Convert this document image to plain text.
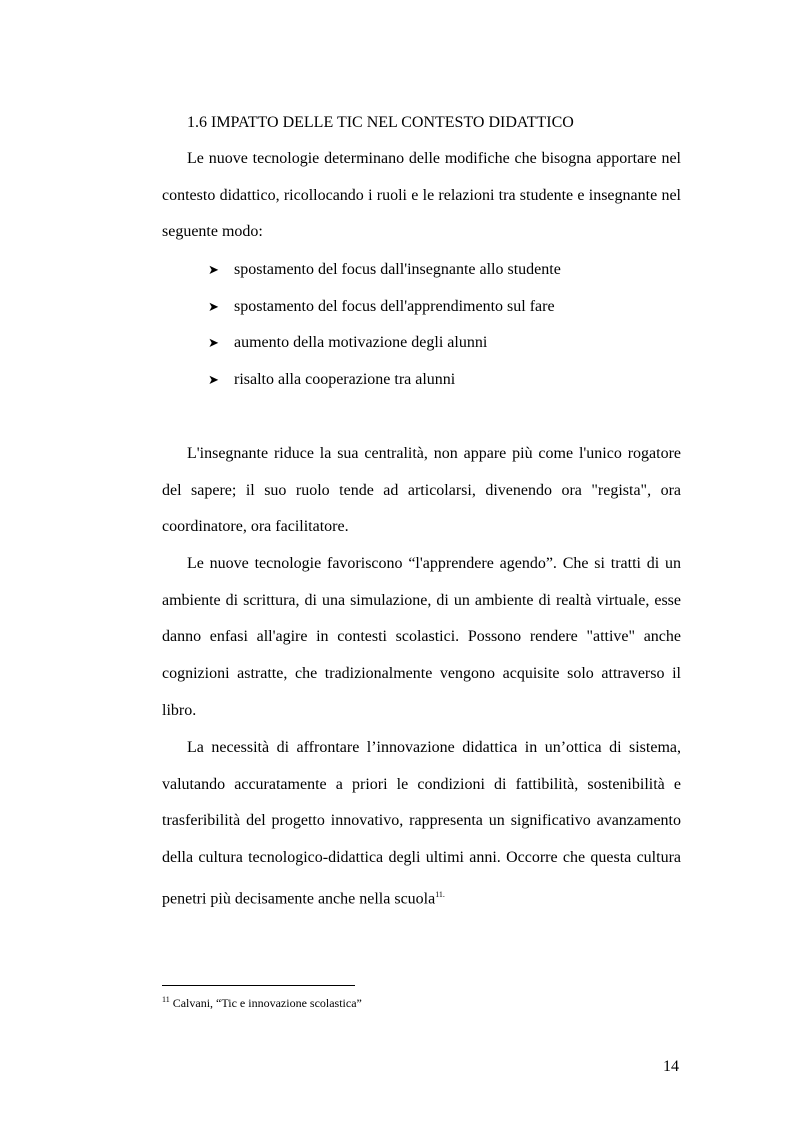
1.6 IMPATTO DELLE TIC NEL CONTESTO DIDATTICO

Le nuove tecnologie determinano delle modifiche che bisogna apportare nel contesto didattico, ricollocando i ruoli e le relazioni tra studente e insegnante nel seguente modo:

➤ spostamento del focus dall'insegnante allo studente
➤ spostamento del focus dell'apprendimento sul fare
➤ aumento della motivazione degli alunni
➤ risalto alla cooperazione tra alunni

L'insegnante riduce la sua centralità, non appare più come l'unico rogatore del sapere; il suo ruolo tende ad articolarsi, divenendo ora "regista", ora coordinatore, ora facilitatore.

Le nuove tecnologie favoriscono “l'apprendere agendo”. Che si tratti di un ambiente di scrittura, di una simulazione, di un ambiente di realtà virtuale, esse danno enfasi all'agire in contesti scolastici. Possono rendere "attive" anche cognizioni astratte, che tradizionalmente vengono acquisite solo attraverso il libro.

La necessità di affrontare l’innovazione didattica in un’ottica di sistema, valutando accuratamente a priori le condizioni di fattibilità, sostenibilità e trasferibilità del progetto innovativo, rappresenta un significativo avanzamento della cultura tecnologico-didattica degli ultimi anni. Occorre che questa cultura penetri più decisamente anche nella scuola$^{11.}$

$^{11}$ Calvani, “Tic e innovazione scolastica”
14
